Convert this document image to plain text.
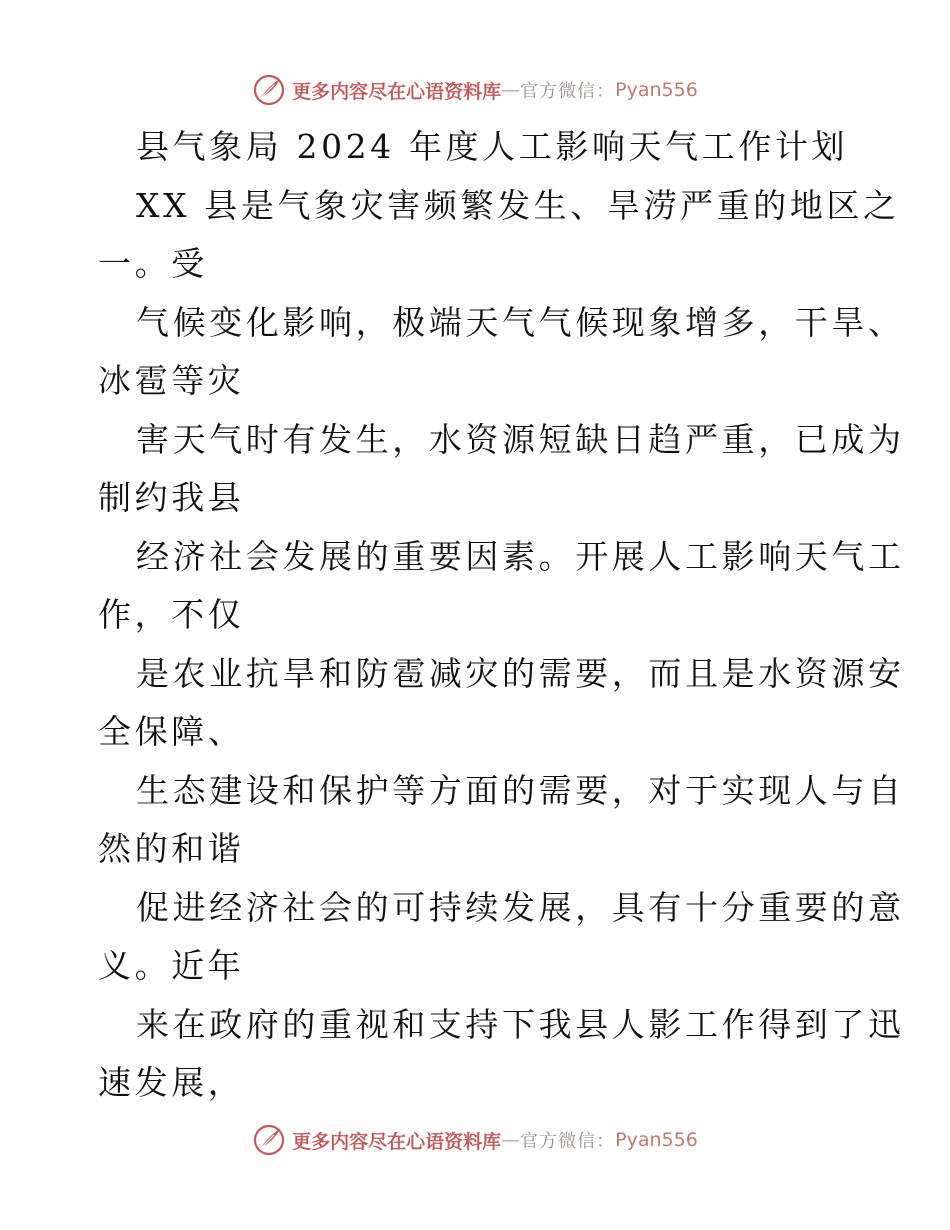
更多内容尽在心语资料库 — 官方微信： Pyan556
县气象局 2024 年度人工影响天气工作计划
XX 县是气象灾害频繁发生、旱涝严重的地区之
一。受
气候变化影响，极端天气气候现象增多，干旱、
冰雹等灾
害天气时有发生，水资源短缺日趋严重，已成为
制约我县
经济社会发展的重要因素。开展人工影响天气工
作，不仅
是农业抗旱和防雹减灾的需要，而且是水资源安
全保障、
生态建设和保护等方面的需要，对于实现人与自
然的和谐
促进经济社会的可持续发展，具有十分重要的意
义。近年
来在政府的重视和支持下我县人影工作得到了迅
速发展，
更多内容尽在心语资料库 — 官方微信： Pyan556
